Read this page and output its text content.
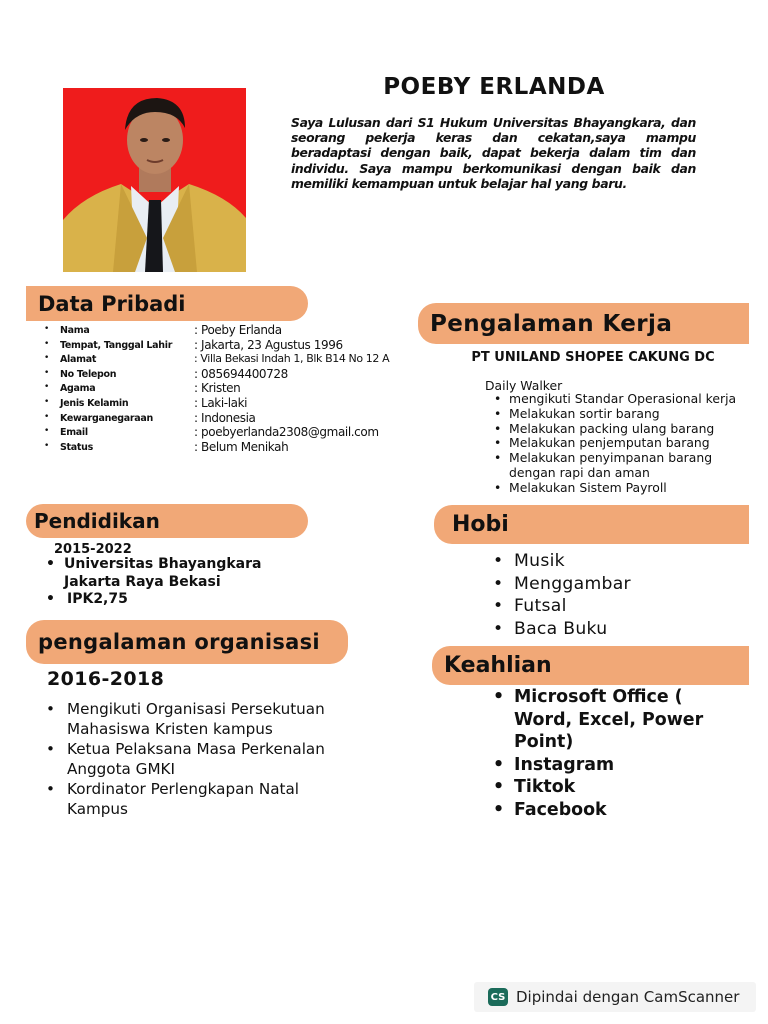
POEBY ERLANDA
Saya Lulusan dari S1 Hukum Universitas Bhayangkara, dan seorang pekerja keras dan cekatan,saya mampu beradaptasi dengan baik, dapat bekerja dalam tim dan individu. Saya mampu berkomunikasi dengan baik dan memiliki kemampuan untuk belajar hal yang baru.
Data Pribadi
• Nama	: Poeby Erlanda
• Tempat, Tanggal Lahir : Jakarta, 23 Agustus 1996
• Alamat	: Villa Bekasi Indah 1, Blk B14 No 12 A
• No Telepon	: 085694400728
• Agama	: Kristen
• Jenis Kelamin	: Laki-laki
• Kewarganegaraan	: Indonesia
• Email	: poebyerlanda2308@gmail.com
• Status	: Belum Menikah
Pendidikan
2015-2022
• Universitas Bhayangkara
Jakarta Raya Bekasi
• IPK2,75
pengalaman organisasi
2016-2018
• Mengikuti Organisasi Persekutuan Mahasiswa Kristen kampus
• Ketua Pelaksana Masa Perkenalan Anggota GMKI
• Kordinator Perlengkapan Natal Kampus
Pengalaman Kerja
PT UNILAND SHOPEE CAKUNG DC
Daily Walker
• mengikuti Standar Operasional kerja
• Melakukan sortir barang
• Melakukan packing ulang barang
• Melakukan penjemputan barang
• Melakukan penyimpanan barang dengan rapi dan aman
• Melakukan Sistem Payroll
Hobi
• Musik
• Menggambar
• Futsal
• Baca Buku
Keahlian
• Microsoft Office ( Word, Excel, Power Point)
• Instagram
• Tiktok
• Facebook
CS Dipindai dengan CamScanner
